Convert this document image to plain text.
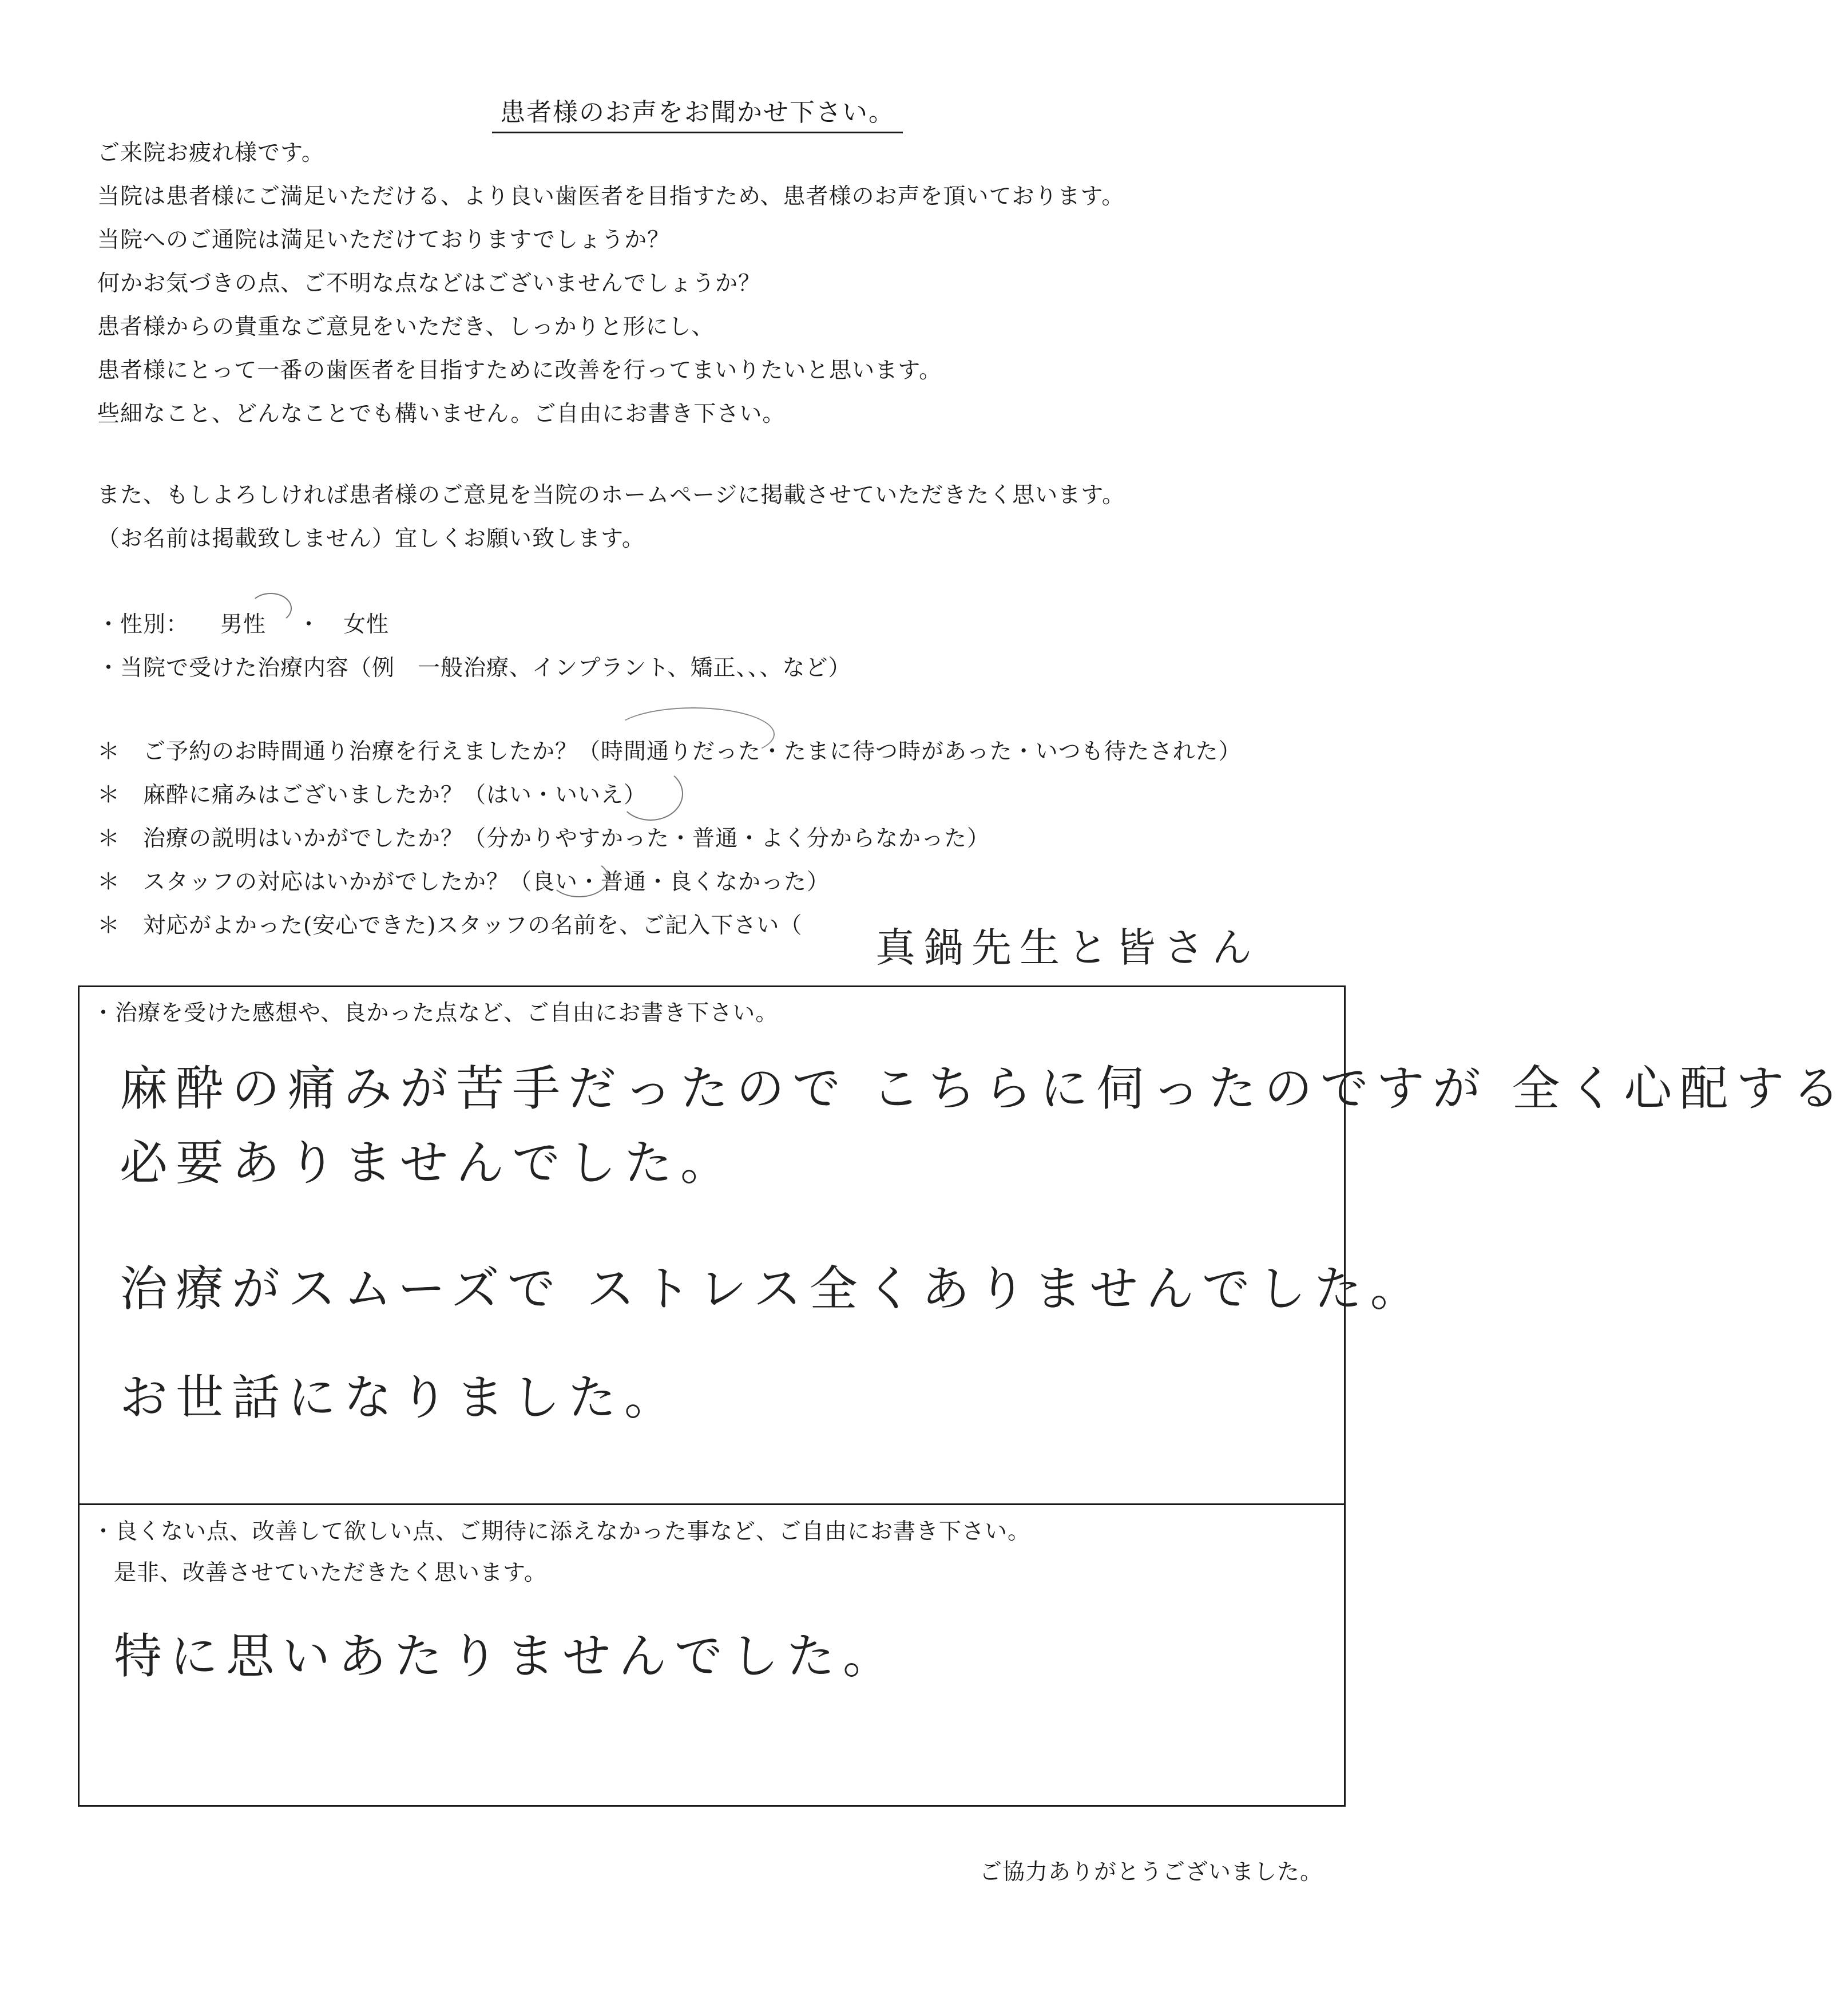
患者様のお声をお聞かせ下さい。
ご来院お疲れ様です。
当院は患者様にご満足いただける、より良い歯医者を目指すため、患者様のお声を頂いております。
当院へのご通院は満足いただけておりますでしょうか？
何かお気づきの点、ご不明な点などはございませんでしょうか？
患者様からの貴重なご意見をいただき、しっかりと形にし、
患者様にとって一番の歯医者を目指すために改善を行ってまいりたいと思います。
些細なこと、どんなことでも構いません。ご自由にお書き下さい。
また、もしよろしければ患者様のご意見を当院のホームページに掲載させていただきたく思います。
（お名前は掲載致しません）宜しくお願い致します。
・性別： 男性 ・ 女性
・当院で受けた治療内容（例　一般治療、インプラント、矯正、、、など）
＊　ご予約のお時間通り治療を行えましたか？（時間通りだった・たまに待つ時があった・いつも待たされた）
＊　麻酔に痛みはございましたか？（はい・いいえ）
＊　治療の説明はいかがでしたか？（分かりやすかった・普通・よく分からなかった）
＊　スタッフの対応はいかがでしたか？（良い・普通・良くなかった）
＊　対応がよかった(安心できた)スタッフの名前を、ご記入下さい（ 真鍋先生と皆さん
・治療を受けた感想や、良かった点など、ご自由にお書き下さい。
麻酔の痛みが苦手だったので こちらに伺ったのですが 全く心配する
必要ありませんでした。
治療がスムーズで ストレス全くありませんでした。
お世話になりました。
・良くない点、改善して欲しい点、ご期待に添えなかった事など、ご自由にお書き下さい。
是非、改善させていただきたく思います。
特に思いあたりませんでした。
ご協力ありがとうございました。
